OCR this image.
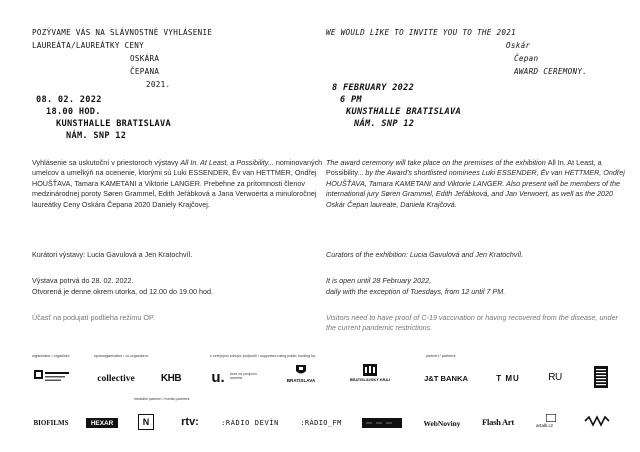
POZÝVAME VÁS NA SLÁVNOSTNÉ VYHLÁSENIE
LAUREÁTA/LAUREÁTKY CENY
OSKÁRA
ČEPANA
2021.
08. 02. 2022
18.00 HOD.
KUNSTHALLE BRATISLAVA
NÁM. SNP 12
Vyhlásenie sa uskutoční v priestoroch výstavy All In. At Least, a Possibility... nominovaných umelcov a umelkýň na ocenenie, ktorými sú Luki ESSENDER, Ēv van HETTMER, Ondřej HOUŠŤAVA, Tamara KAMETANI a Viktorie LANGER. Prebehne za prítomnosti členov medzinárodnej poroty Søren Grammel, Edith Jeřábková a Jana Verwoerta a minuloročnej laureátky Ceny Oskára Čepana 2020 Daniely Krajčovej.
Kurátori výstavy: Lucia Gavulová a Jen Kratochvíl.
Výstava potrvá do 28. 02. 2022.
Otvorená je denne okrem utorka, od 12.00 do 19.00 hod.
Účasť na podujatí podlieha režimu OP.
WE WOULD LIKE TO INVITE YOU TO THE 2021
Oskár
Čepan
AWARD CEREMONY.
8 FEBRUARY 2022
6 PM
KUNSTHALLE BRATISLAVA
NÁM. SNP 12
The award ceremony will take place on the premises of the exhibition All In. At Least, a Possibility... by the Award's shortlisted nominees Luki ESSENDER, Ēv van HETTMER, Ondřej HOUŠŤAVA, Tamara KAMETANI and Viktorie LANGER. Also present will be members of the international jury Søren Grammel, Edith Jeřábková, and Jan Verwoert, as well as the 2020 Oskár Čepan laureate, Daniela Krajčová.
Curators of the exhibition: Lucia Gavulová and Jen Kratochvíl.
It is open until 28 February 2022,
daily with the exception of Tuesdays, from 12 until 7 PM.
Visitors need to have proof of C-19 vaccination or having recovered from the disease, under the current pandemic restrictions.
organizátor / organiser:	spoluorganizátori / co-organisers:	z verejných zdrojov podporili / supported using public funding by:	partneri / partners:
mediálni partneri / media partners:
collective	KHB u.	fond na podporu umenia	BRATISLAVA	BRATISLAVSKÝ KRAJ	J&T BANKA	T MU	RU
BIOFILMS	HEXAR	N	rtv:	:RÁDIO DEVÍN	:RÁDIO_FM	WebNoviny	Flash Art	artalk.cz
